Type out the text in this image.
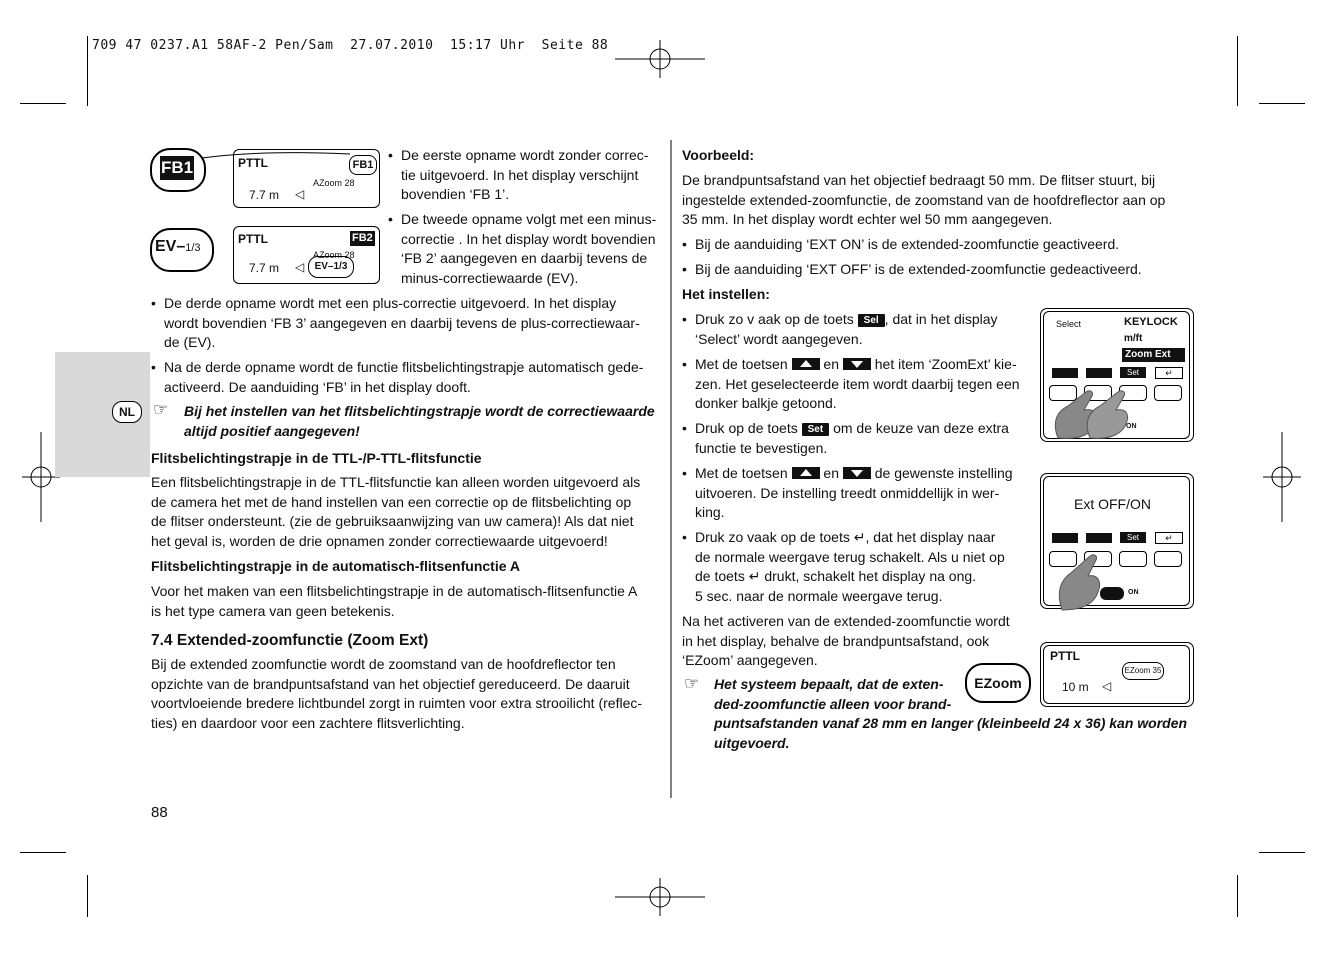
709 47 0237.A1 58AF-2 Pen/Sam  27.07.2010  15:17 Uhr  Seite 88
NL
FB1	PTTL	FB1
AZoom 28
7.7 m ◁
EV–1/3
PTTL	FB2
AZoom 28
7.7 m ◁	EV–1/3
• De eerste opname wordt zonder correc-
tie uitgevoerd. In het display verschijnt
bovendien ‘FB 1’.
• De tweede opname volgt met een minus-
correctie . In het display wordt bovendien
‘FB 2’ aangegeven en daarbij tevens de
minus-correctiewaarde (EV).
• De derde opname wordt met een plus-correctie uitgevoerd. In het display
wordt bovendien ‘FB 3’ aangegeven en daarbij tevens de plus-correctiewaar-
de (EV).
• Na de derde opname wordt de functie flitsbelichtingstrapje automatisch gede-
activeerd. De aanduiding ‘FB’ in het display dooft.
☞ Bij het instellen van het flitsbelichtingstrapje wordt de correctiewaarde
altijd positief aangegeven!
Flitsbelichtingstrapje in de TTL-/P-TTL-flitsfunctie
Een flitsbelichtingstrapje in de TTL-flitsfunctie kan alleen worden uitgevoerd als
de camera het met de hand instellen van een correctie op de flitsbelichting op
de flitser ondersteunt. (zie de gebruiksaanwijzing van uw camera)! Als dat niet
het geval is, worden de drie opnamen zonder correctiewaarde uitgevoerd!
Flitsbelichtingstrapje in de automatisch-flitsenfunctie A
Voor het maken van een flitsbelichtingstrapje in de automatisch-flitsenfunctie A
is het type camera van geen betekenis.
7.4 Extended-zoomfunctie (Zoom Ext)
Bij de extended zoomfunctie wordt de zoomstand van de hoofdreflector ten
opzichte van de brandpuntsafstand van het objectief gereduceerd. De daaruit
voortvloeiende bredere lichtbundel zorgt in ruimten voor extra strooilicht (reflec-
ties) en daardoor voor een zachtere flitsverlichting.
88
Voorbeeld:
De brandpuntsafstand van het objectief bedraagt 50 mm. De flitser stuurt, bij
ingestelde extended-zoomfunctie, de zoomstand van de hoofdreflector aan op
35 mm. In het display wordt echter wel 50 mm aangegeven.
• Bij de aanduiding ‘EXT ON’ is de extended-zoomfunctie geactiveerd.
• Bij de aanduiding ‘EXT OFF’ is de extended-zoomfunctie gedeactiveerd.
Het instellen:
• Druk zo v aak op de toets Sel , dat in het display
‘Select’ wordt aangegeven.
• Met de toetsen	en	het item ‘ZoomExt’ kie-
zen. Het geselecteerde item wordt daarbij tegen een
donker balkje getoond.
• Druk op de toets Set om de keuze van deze extra
functie te bevestigen.
• Met de toetsen	en	de gewenste instelling
uitvoeren. De instelling treedt onmiddellijk in wer-
king.
• Druk zo vaak op de toets ↵, dat het display naar
de normale weergave terug schakelt. Als u niet op
de toets ↵ drukt, schakelt het display na ong.
5 sec. naar de normale weergave terug.
Na het activeren van de extended-zoomfunctie wordt
in het display, behalve de brandpuntsafstand, ook
‘EZoom’ aangegeven.
☞ Het systeem bepaalt, dat de exten-
ded-zoomfunctie alleen voor brand-
puntsafstanden vanaf 28 mm en langer (kleinbeeld 24 x 36) kan worden
uitgevoerd.
Select	KEYLOCK
m/ft
Zoom Ext
Set	↵
ON
Ext OFF/ON
Set	↵
ON
EZoom
PTTL
EZoom 35
10 m ◁
